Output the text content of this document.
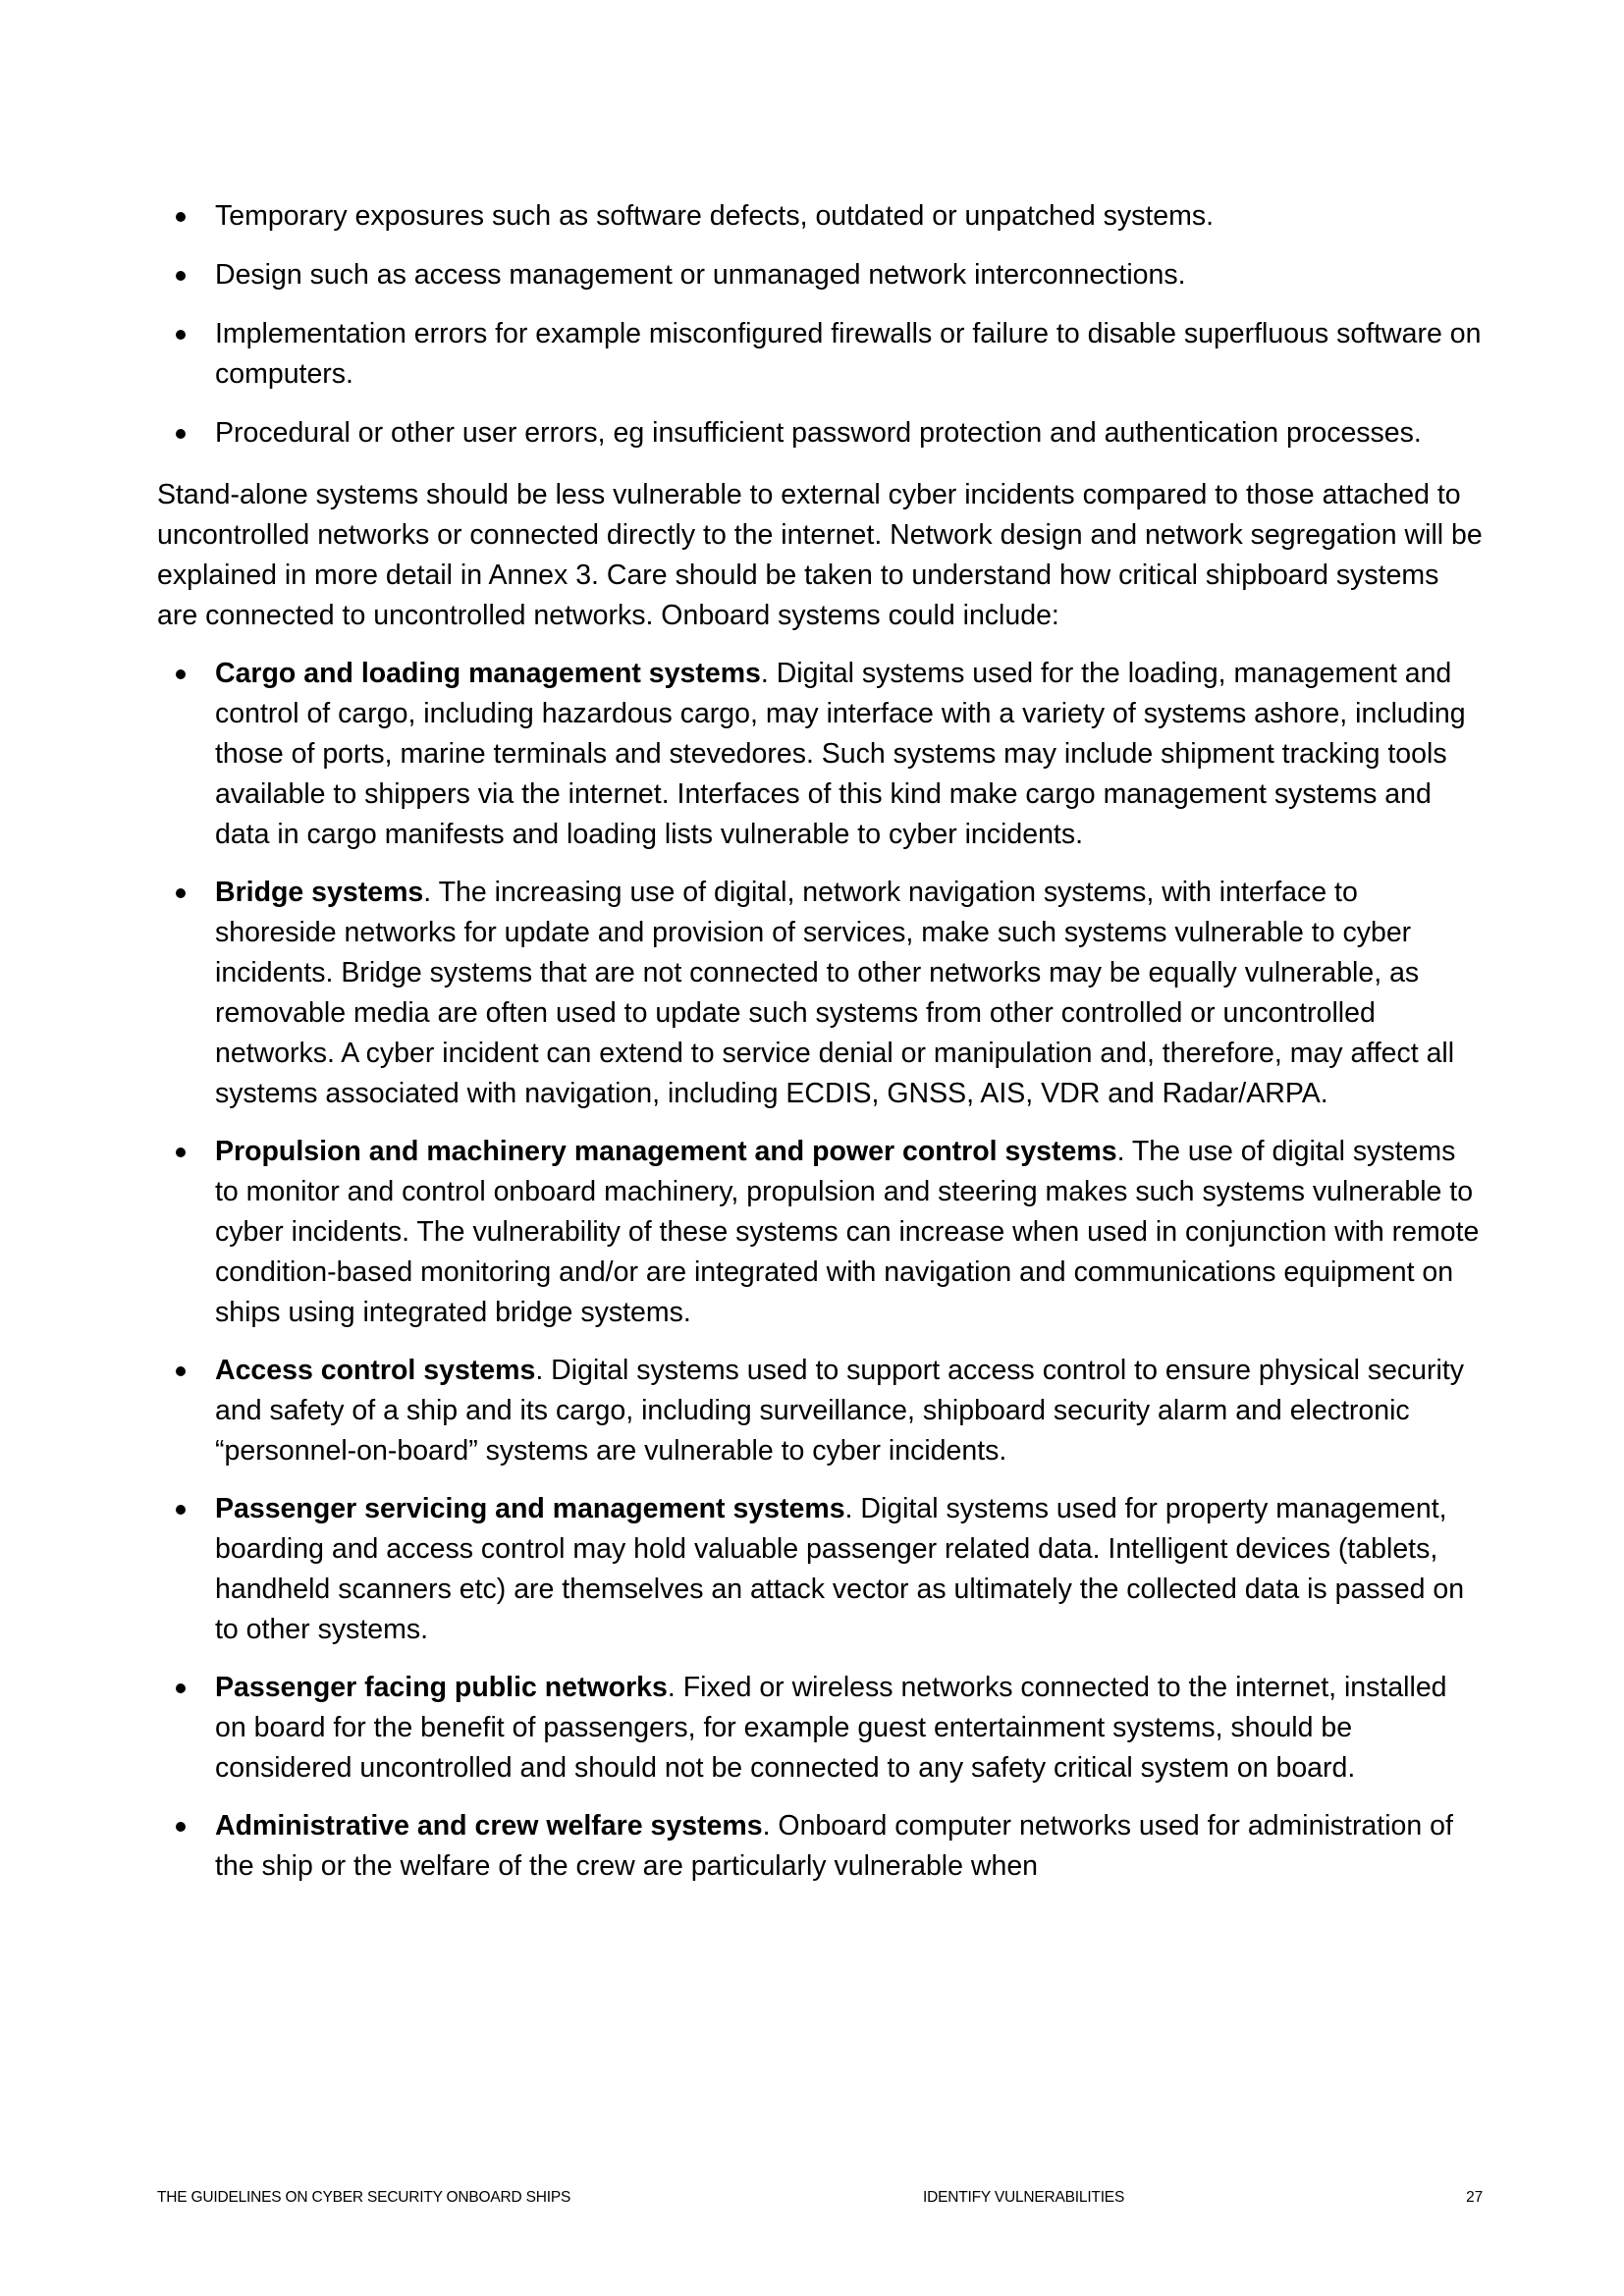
Temporary exposures such as software defects, outdated or unpatched systems.
Design such as access management or unmanaged network interconnections.
Implementation errors for example misconfigured firewalls or failure to disable superfluous software on computers.
Procedural or other user errors, eg insufficient password protection and authentication processes.

Stand-alone systems should be less vulnerable to external cyber incidents compared to those attached to uncontrolled networks or connected directly to the internet. Network design and network segregation will be explained in more detail in Annex 3. Care should be taken to understand how critical shipboard systems are connected to uncontrolled networks. Onboard systems could include:

Cargo and loading management systems. Digital systems used for the loading, management and control of cargo, including hazardous cargo, may interface with a variety of systems ashore, including those of ports, marine terminals and stevedores. Such systems may include shipment tracking tools available to shippers via the internet. Interfaces of this kind make cargo management systems and data in cargo manifests and loading lists vulnerable to cyber incidents.
Bridge systems. The increasing use of digital, network navigation systems, with interface to shoreside networks for update and provision of services, make such systems vulnerable to cyber incidents. Bridge systems that are not connected to other networks may be equally vulnerable, as removable media are often used to update such systems from other controlled or uncontrolled networks. A cyber incident can extend to service denial or manipulation and, therefore, may affect all systems associated with navigation, including ECDIS, GNSS, AIS, VDR and Radar/ARPA.
Propulsion and machinery management and power control systems. The use of digital systems to monitor and control onboard machinery, propulsion and steering makes such systems vulnerable to cyber incidents. The vulnerability of these systems can increase when used in conjunction with remote condition-based monitoring and/or are integrated with navigation and communications equipment on ships using integrated bridge systems.
Access control systems. Digital systems used to support access control to ensure physical security and safety of a ship and its cargo, including surveillance, shipboard security alarm and electronic “personnel-on-board” systems are vulnerable to cyber incidents.
Passenger servicing and management systems. Digital systems used for property management, boarding and access control may hold valuable passenger related data. Intelligent devices (tablets, handheld scanners etc) are themselves an attack vector as ultimately the collected data is passed on to other systems.
Passenger facing public networks. Fixed or wireless networks connected to the internet, installed on board for the benefit of passengers, for example guest entertainment systems, should be considered uncontrolled and should not be connected to any safety critical system on board.
Administrative and crew welfare systems. Onboard computer networks used for administration of the ship or the welfare of the crew are particularly vulnerable when
THE GUIDELINES ON CYBER SECURITY ONBOARD SHIPS	IDENTIFY VULNERABILITIES	27
